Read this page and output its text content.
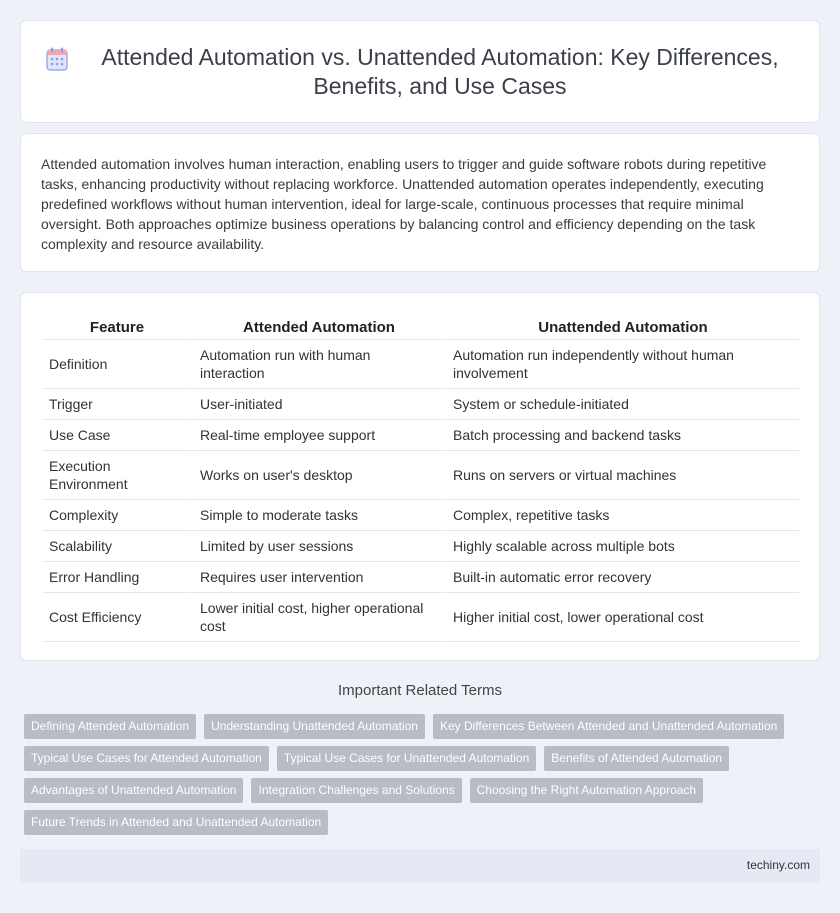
Attended Automation vs. Unattended Automation: Key Differences, Benefits, and Use Cases

Attended automation involves human interaction, enabling users to trigger and guide software robots during repetitive tasks, enhancing productivity without replacing workforce. Unattended automation operates independently, executing predefined workflows without human intervention, ideal for large-scale, continuous processes that require minimal oversight. Both approaches optimize business operations by balancing control and efficiency depending on the task complexity and resource availability.

Feature	Attended Automation	Unattended Automation
Definition	Automation run with human interaction	Automation run independently without human involvement
Trigger	User-initiated	System or schedule-initiated
Use Case	Real-time employee support	Batch processing and backend tasks
Execution Environment	Works on user's desktop	Runs on servers or virtual machines
Complexity	Simple to moderate tasks	Complex, repetitive tasks
Scalability	Limited by user sessions	Highly scalable across multiple bots
Error Handling	Requires user intervention	Built-in automatic error recovery
Cost Efficiency	Lower initial cost, higher operational cost	Higher initial cost, lower operational cost
Important Related Terms
Defining Attended Automation	Understanding Unattended Automation	Key Differences Between Attended and Unattended Automation
Typical Use Cases for Attended Automation	Typical Use Cases for Unattended Automation	Benefits of Attended Automation
Advantages of Unattended Automation	Integration Challenges and Solutions	Choosing the Right Automation Approach
Future Trends in Attended and Unattended Automation
techiny.com
